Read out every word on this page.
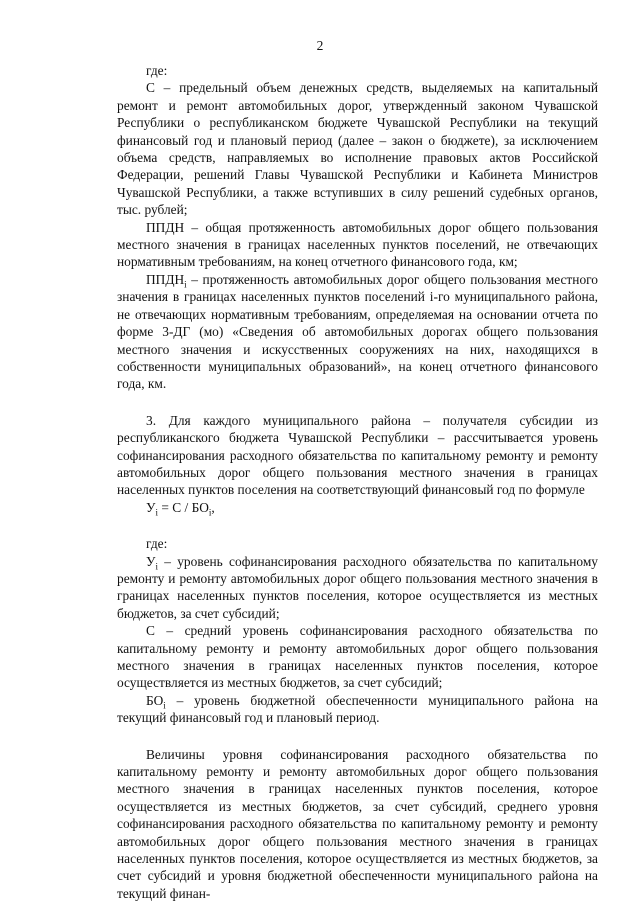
2

где:

С – предельный объем денежных средств, выделяемых на капитальный ремонт и ремонт автомобильных дорог, утвержденный законом Чувашской Республики о республиканском бюджете Чувашской Республики на текущий финансовый год и плановый период (далее – закон о бюджете), за исключением объема средств, направляемых во исполнение правовых актов Российской Федерации, решений Главы Чувашской Республики и Кабинета Министров Чувашской Республики, а также вступивших в силу решений судебных органов, тыс. рублей;

ППДН – общая протяженность автомобильных дорог общего пользования местного значения в границах населенных пунктов поселений, не отвечающих нормативным требованиям, на конец отчетного финансового года, км;

$ППДН_i$ – протяженность автомобильных дорог общего пользования местного значения в границах населенных пунктов поселений i-го муниципального района, не отвечающих нормативным требованиям, определяемая на основании отчета по форме 3-ДГ (мо) «Сведения об автомобильных дорогах общего пользования местного значения и искусственных сооружениях на них, находящихся в собственности муниципальных образований», на конец отчетного финансового года, км.

3. Для каждого муниципального района – получателя субсидии из республиканского бюджета Чувашской Республики – рассчитывается уровень софинансирования расходного обязательства по капитальному ремонту и ремонту автомобильных дорог общего пользования местного значения в границах населенных пунктов поселения на соответствующий финансовый год по формуле

$У_i = С / БО_i$,

где:

$У_i$ – уровень софинансирования расходного обязательства по капитальному ремонту и ремонту автомобильных дорог общего пользования местного значения в границах населенных пунктов поселения, которое осуществляется из местных бюджетов, за счет субсидий;

С – средний уровень софинансирования расходного обязательства по капитальному ремонту и ремонту автомобильных дорог общего пользования местного значения в границах населенных пунктов поселения, которое осуществляется из местных бюджетов, за счет субсидий;

$БО_i$ – уровень бюджетной обеспеченности муниципального района на текущий финансовый год и плановый период.

Величины уровня софинансирования расходного обязательства по капитальному ремонту и ремонту автомобильных дорог общего пользования местного значения в границах населенных пунктов поселения, которое осуществляется из местных бюджетов, за счет субсидий, среднего уровня софинансирования расходного обязательства по капитальному ремонту и ремонту автомобильных дорог общего пользования местного значения в границах населенных пунктов поселения, которое осуществляется из местных бюджетов, за счет субсидий и уровня бюджетной обеспеченности муниципального района на текущий финан-
